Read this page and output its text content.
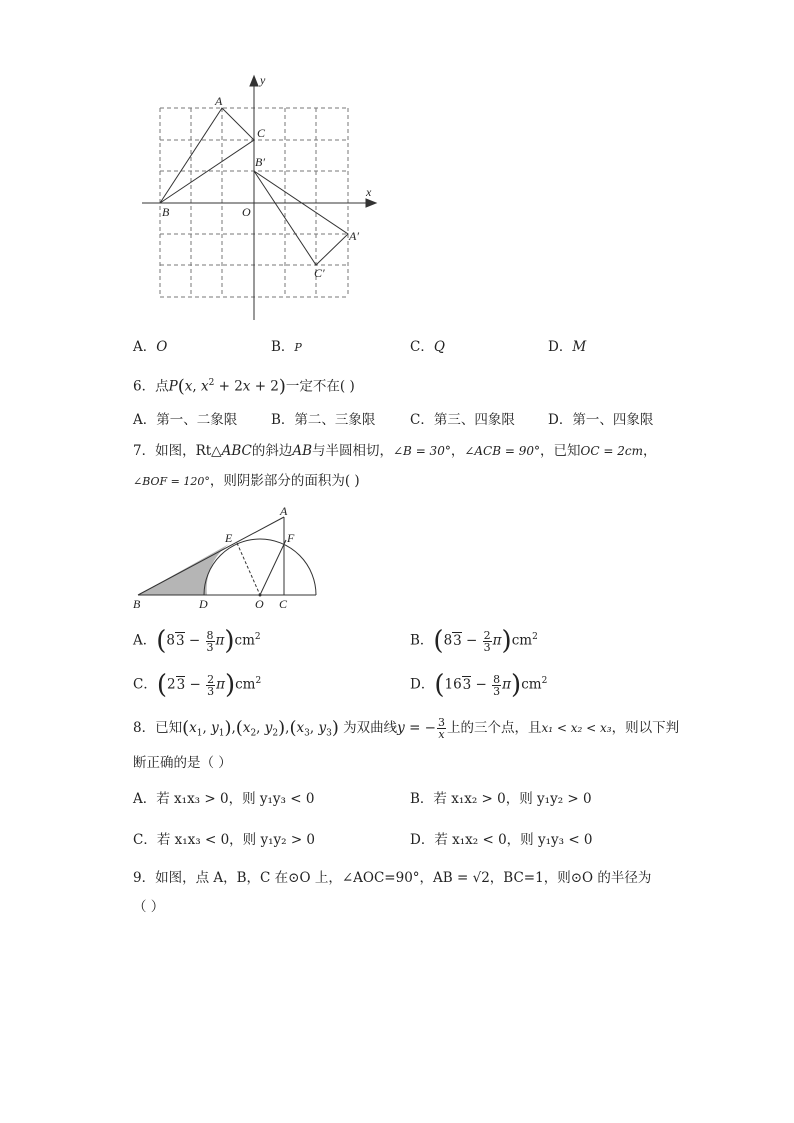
y
x
A
B
C
O
B′
A′
C′
A．O	B．P	C．Q	D．M
6．点P(x, $x^2 + 2x + 2$)一定不在( )
A．第一、二象限	B．第二、三象限	C．第三、四象限 D．第一、四象限
7．如图，Rt△ABC的斜边AB与半圆相切，∠B = 30°，∠ACB = 90°，已知OC = 2cm，
∠BOF = 120°，则阴影部分的面积为( )
A
E	F
B	D	O C
A．$(83 - \frac{8}{3} \pi)cm^2$	B．$(83 - \frac{2}{3} \pi)cm^2$
C．$(23 - \frac{2}{3} \pi)cm^2$	D．$(163 - \frac{8}{3} \pi)cm^2$
8．已知($x_1$, $y_1),(x_2$, $y_2),(x_3$, $y_3$) 为双曲线y = − $\frac{3}{x}$ 上的三个点，且x₁ < x₂ < x₃，则以下判
断正确的是（ ）
A．若 x₁x₃ > 0，则 y₁y₃ < 0	B．若 x₁x₂ > 0，则 y₁y₂ > 0
C．若 x₁x₃ < 0，则 y₁y₂ > 0	D．若 x₁x₂ < 0，则 y₁y₃ < 0
9．如图，点 A，B，C 在⊙O 上，∠AOC=90°，AB = √2，BC=1，则⊙O 的半径为
（ ）
